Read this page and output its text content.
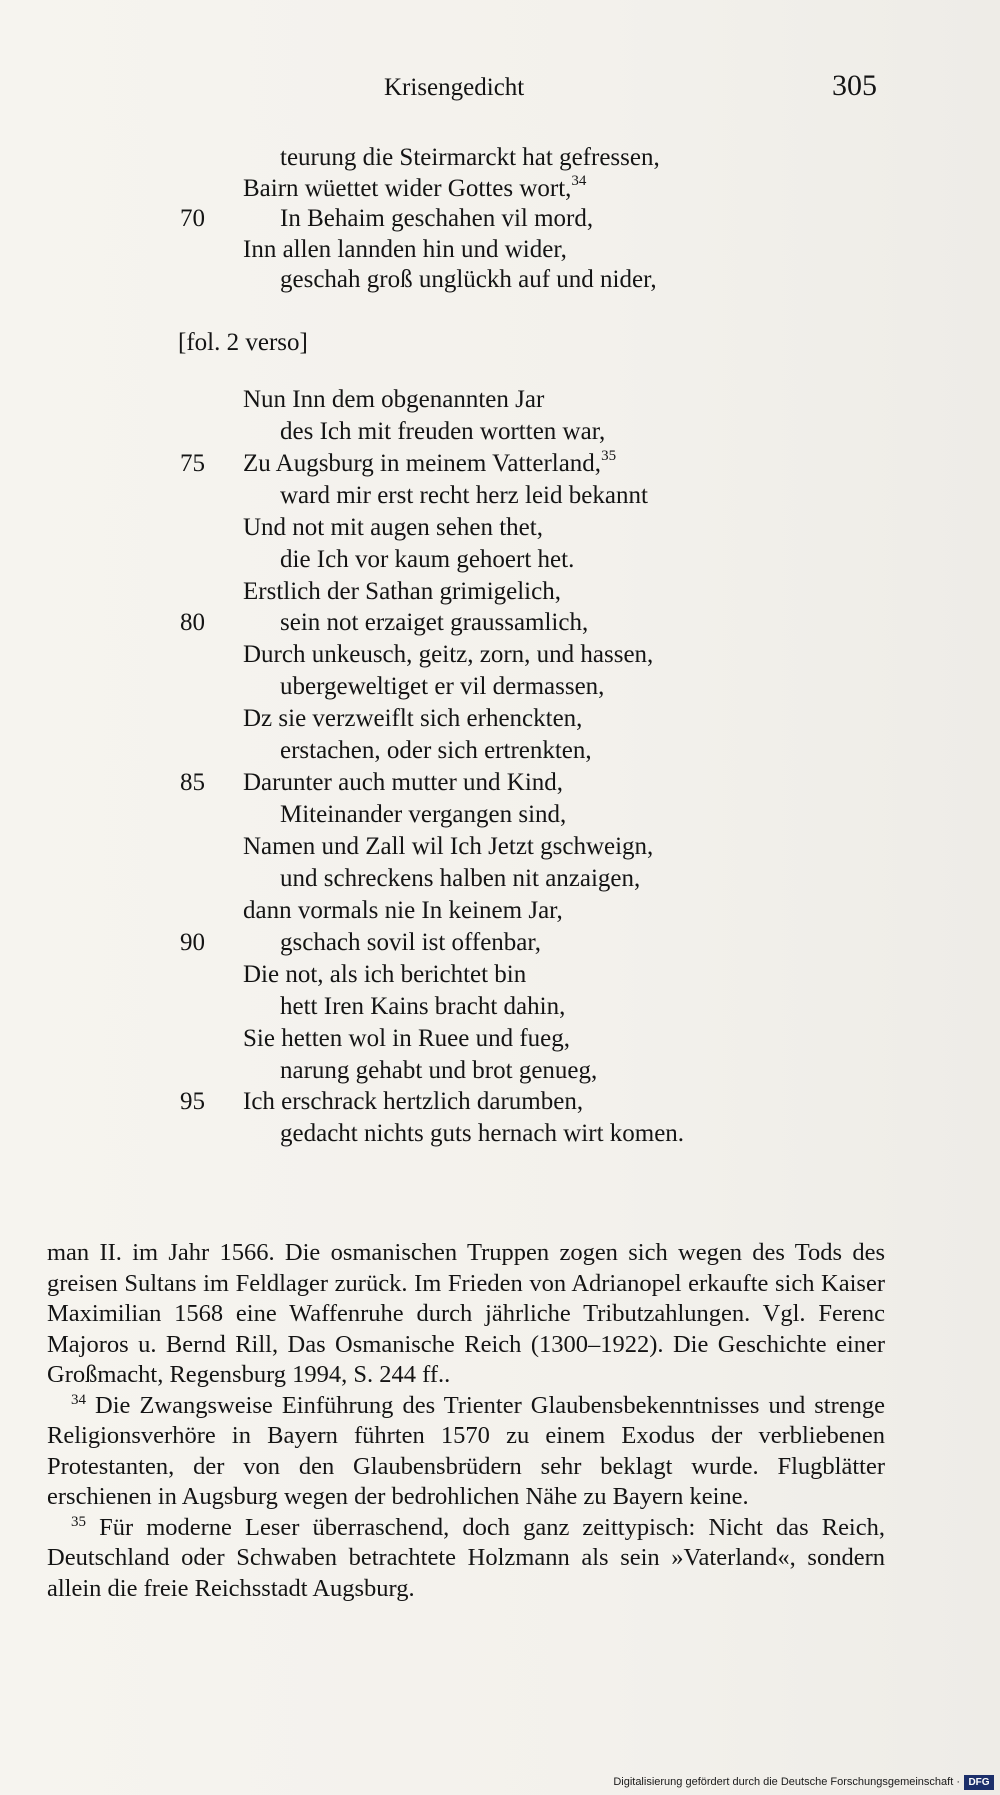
Krisengedicht	305
70
teurung die Steirmarckt hat gefressen,
Bairn wüettet wider Gottes wort,$^{34}$
In Behaim geschahen vil mord,
Inn allen lannden hin und wider,
geschah groß unglückh auf und nider,
[fol. 2 verso]
75
80
85
90
95
Nun Inn dem obgenannten Jar
des Ich mit freuden wortten war,
Zu Augsburg in meinem Vatterland,$^{35}$
ward mir erst recht herz leid bekannt
Und not mit augen sehen thet,
die Ich vor kaum gehoert het.
Erstlich der Sathan grimigelich,
sein not erzaiget graussamlich,
Durch unkeusch, geitz, zorn, und hassen,
ubergeweltiget er vil dermassen,
Dz sie verzweiflt sich erhenckten,
erstachen, oder sich ertrenkten,
Darunter auch mutter und Kind,
Miteinander vergangen sind,
Namen und Zall wil Ich Jetzt gschweign,
und schreckens halben nit anzaigen,
dann vormals nie In keinem Jar,
gschach sovil ist offenbar,
Die not, als ich berichtet bin
hett Iren Kains bracht dahin,
Sie hetten wol in Ruee und fueg,
narung gehabt und brot genueg,
Ich erschrack hertzlich darumben,
gedacht nichts guts hernach wirt komen.

man II. im Jahr 1566. Die osmanischen Truppen zogen sich wegen des Tods des greisen Sultans im Feldlager zurück. Im Frieden von Adrianopel erkaufte sich Kaiser Maximilian 1568 eine Waffenruhe durch jährliche Tributzahlungen. Vgl. Ferenc Majoros u. Bernd Rill, Das Osmanische Reich (1300–1922). Die Geschichte einer Großmacht, Regensburg 1994, S. 244 ff..

$^{34}$ Die Zwangsweise Einführung des Trienter Glaubensbekenntnisses und strenge Religionsverhöre in Bayern führten 1570 zu einem Exodus der verbliebenen Protestanten, der von den Glaubensbrüdern sehr beklagt wurde. Flugblätter erschienen in Augsburg wegen der bedrohlichen Nähe zu Bayern keine.

$^{35}$ Für moderne Leser überraschend, doch ganz zeittypisch: Nicht das Reich, Deutschland oder Schwaben betrachtete Holzmann als sein »Vaterland«, sondern allein die freie Reichsstadt Augsburg.

Digitalisierung gefördert durch die Deutsche Forschungsgemeinschaft · DFG
